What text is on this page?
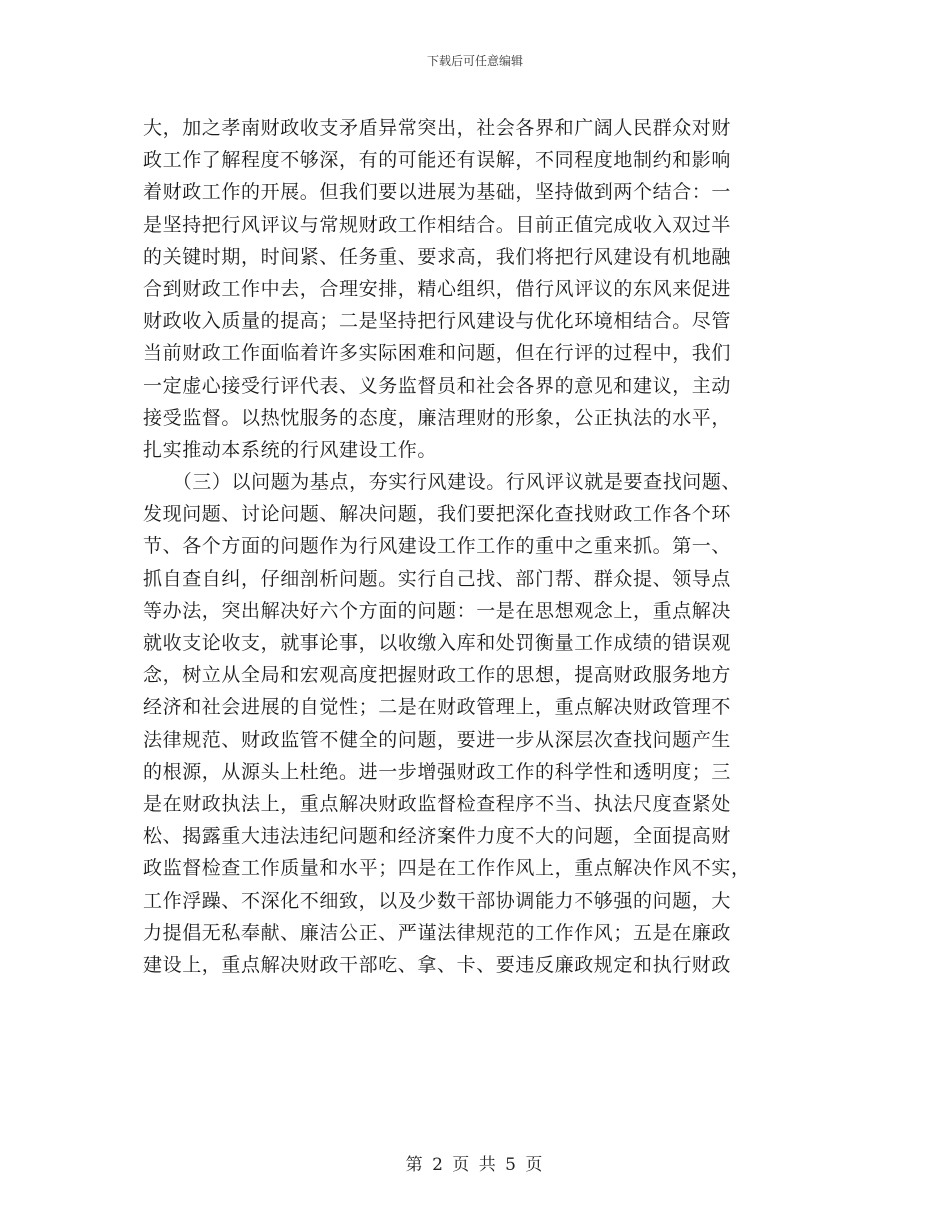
下载后可任意编辑
大，加之孝南财政收支矛盾异常突出，社会各界和广阔人民群众对财
政工作了解程度不够深，有的可能还有误解，不同程度地制约和影响
着财政工作的开展。但我们要以进展为基础，坚持做到两个结合：一
是坚持把行风评议与常规财政工作相结合。目前正值完成收入双过半
的关键时期，时间紧、任务重、要求高，我们将把行风建设有机地融
合到财政工作中去，合理安排，精心组织，借行风评议的东风来促进
财政收入质量的提高；二是坚持把行风建设与优化环境相结合。尽管
当前财政工作面临着许多实际困难和问题，但在行评的过程中，我们
一定虚心接受行评代表、义务监督员和社会各界的意见和建议，主动
接受监督。以热忱服务的态度，廉洁理财的形象，公正执法的水平，
扎实推动本系统的行风建设工作。
　　（三）以问题为基点，夯实行风建设。行风评议就是要查找问题、
发现问题、讨论问题、解决问题，我们要把深化查找财政工作各个环
节、各个方面的问题作为行风建设工作工作的重中之重来抓。第一、
抓自查自纠，仔细剖析问题。实行自己找、部门帮、群众提、领导点
等办法，突出解决好六个方面的问题：一是在思想观念上，重点解决
就收支论收支，就事论事，以收缴入库和处罚衡量工作成绩的错误观
念，树立从全局和宏观高度把握财政工作的思想，提高财政服务地方
经济和社会进展的自觉性；二是在财政管理上，重点解决财政管理不
法律规范、财政监管不健全的问题，要进一步从深层次查找问题产生
的根源，从源头上杜绝。进一步增强财政工作的科学性和透明度；三
是在财政执法上，重点解决财政监督检查程序不当、执法尺度查紧处
松、揭露重大违法违纪问题和经济案件力度不大的问题，全面提高财
政监督检查工作质量和水平；四是在工作作风上，重点解决作风不实，
工作浮躁、不深化不细致，以及少数干部协调能力不够强的问题，大
力提倡无私奉献、廉洁公正、严谨法律规范的工作作风；五是在廉政
建设上，重点解决财政干部吃、拿、卡、要违反廉政规定和执行财政
第 2 页 共 5 页
